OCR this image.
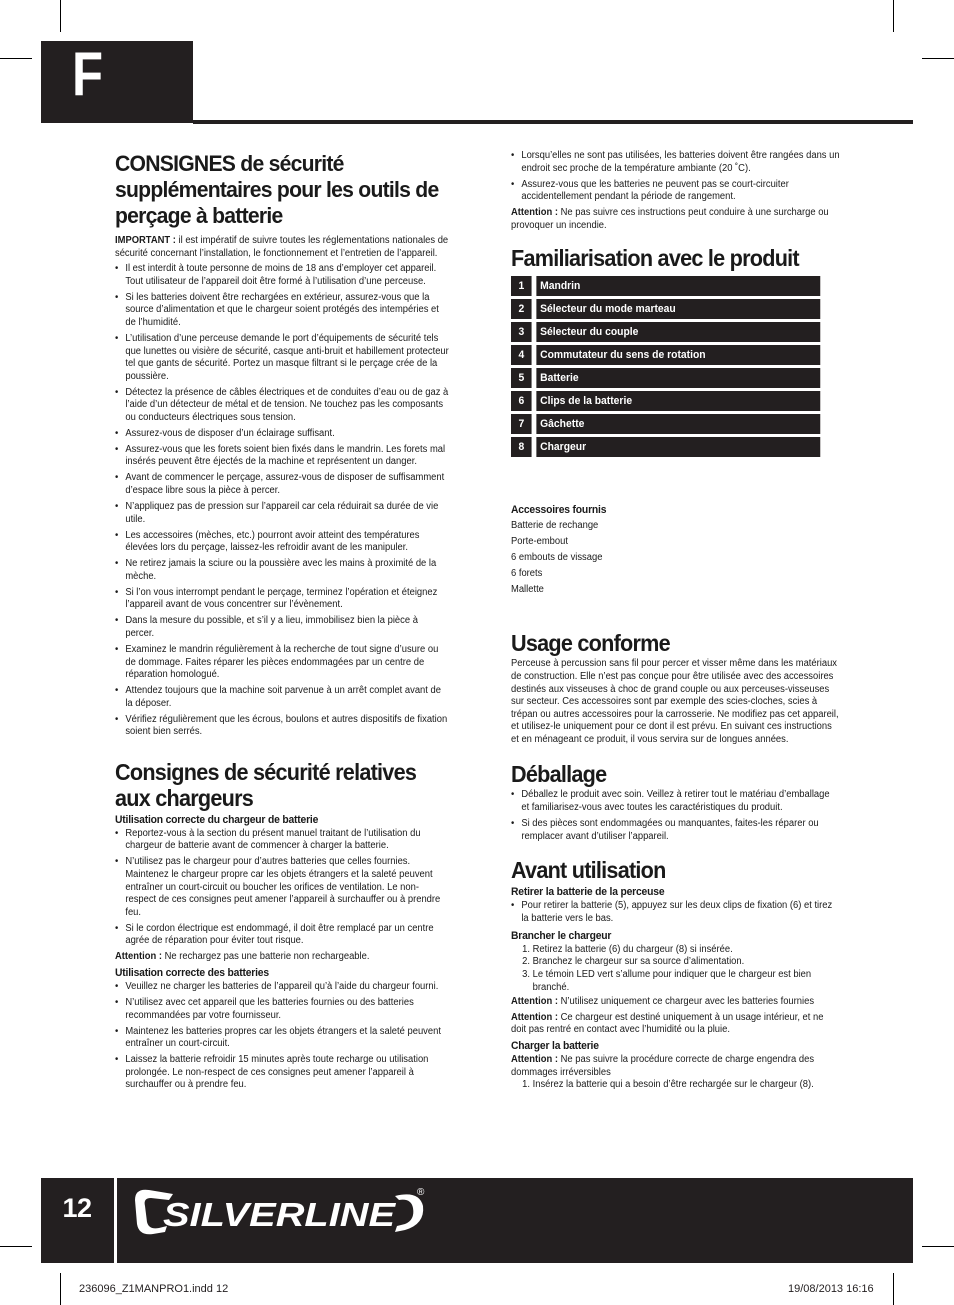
F
CONSIGNES de sécurité supplémentaires pour les outils de perçage à batterie

IMPORTANT : il est impératif de suivre toutes les réglementations nationales de sécurité concernant l’installation, le fonctionnement et l’entretien de l’appareil.

• Il est interdit à toute personne de moins de 18 ans d’employer cet appareil. Tout utilisateur de l’appareil doit être formé à l’utilisation d’une perceuse.
• Si les batteries doivent être rechargées en extérieur, assurez-vous que la source d’alimentation et que le chargeur soient protégés des intempéries et de l’humidité.
• L’utilisation d’une perceuse demande le port d’équipements de sécurité tels que lunettes ou visière de sécurité, casque anti-bruit et habillement protecteur tel que gants de sécurité. Portez un masque filtrant si le perçage crée de la poussière.
• Détectez la présence de câbles électriques et de conduites d’eau ou de gaz à l’aide d’un détecteur de métal et de tension. Ne touchez pas les composants ou conducteurs électriques sous tension.
• Assurez-vous de disposer d’un éclairage suffisant.
• Assurez-vous que les forets soient bien fixés dans le mandrin. Les forets mal insérés peuvent être éjectés de la machine et représentent un danger.
• Avant de commencer le perçage, assurez-vous de disposer de suffisamment d’espace libre sous la pièce à percer.
• N’appliquez pas de pression sur l’appareil car cela réduirait sa durée de vie utile.
• Les accessoires (mèches, etc.) pourront avoir atteint des températures élevées lors du perçage, laissez-les refroidir avant de les manipuler.
• Ne retirez jamais la sciure ou la poussière avec les mains à proximité de la mèche.
• Si l’on vous interrompt pendant le perçage, terminez l’opération et éteignez l’appareil avant de vous concentrer sur l’évènement.
• Dans la mesure du possible, et s’il y a lieu, immobilisez bien la pièce à percer.
• Examinez le mandrin régulièrement à la recherche de tout signe d’usure ou de dommage. Faites réparer les pièces endommagées par un centre de réparation homologué.
• Attendez toujours que la machine soit parvenue à un arrêt complet avant de la déposer.
• Vérifiez régulièrement que les écrous, boulons et autres dispositifs de fixation soient bien serrés.
Consignes de sécurité relatives aux chargeurs
Utilisation correcte du chargeur de batterie
• Reportez-vous à la section du présent manuel traitant de l’utilisation du chargeur de batterie avant de commencer à charger la batterie.
• N’utilisez pas le chargeur pour d’autres batteries que celles fournies. Maintenez le chargeur propre car les objets étrangers et la saleté peuvent entraîner un court-circuit ou boucher les orifices de ventilation. Le non-respect de ces consignes peut amener l’appareil à surchauffer ou à prendre feu.
• Si le cordon électrique est endommagé, il doit être remplacé par un centre agrée de réparation pour éviter tout risque.

Attention : Ne rechargez pas une batterie non rechargeable.

Utilisation correcte des batteries
• Veuillez ne charger les batteries de l’appareil qu’à l’aide du chargeur fourni.
• N’utilisez avec cet appareil que les batteries fournies ou des batteries recommandées par votre fournisseur.
• Maintenez les batteries propres car les objets étrangers et la saleté peuvent entraîner un court-circuit.
• Laissez la batterie refroidir 15 minutes après toute recharge ou utilisation prolongée. Le non-respect de ces consignes peut amener l’appareil à surchauffer ou à prendre feu.
• Lorsqu’elles ne sont pas utilisées, les batteries doivent être rangées dans un endroit sec proche de la température ambiante (20 ˚C).
• Assurez-vous que les batteries ne peuvent pas se court-circuiter accidentellement pendant la période de rangement.

Attention : Ne pas suivre ces instructions peut conduire à une surcharge ou provoquer un incendie.

Familiarisation avec le produit
1		Mandrin
2		Sélecteur du mode marteau
3		Sélecteur du couple
4		Commutateur du sens de rotation
5		Batterie
6		Clips de la batterie
7		Gâchette
8		Chargeur
Accessoires fournis
Batterie de rechange
Porte-embout
6 embouts de vissage
6 forets
Mallette
Usage conforme

Perceuse à percussion sans fil pour percer et visser même dans les matériaux de construction. Elle n’est pas conçue pour être utilisée avec des accessoires destinés aux visseuses à choc de grand couple ou aux perceuses-visseuses sur secteur. Ces accessoires sont par exemple des scies-cloches, scies à trépan ou autres accessoires pour la carrosserie. Ne modifiez pas cet appareil, et utilisez-le uniquement pour ce dont il est prévu. En suivant ces instructions et en ménageant ce produit, il vous servira sur de longues années.

Déballage
• Déballez le produit avec soin. Veillez à retirer tout le matériau d’emballage et familiarisez-vous avec toutes les caractéristiques du produit.
• Si des pièces sont endommagées ou manquantes, faites-les réparer ou remplacer avant d’utiliser l’appareil.
Avant utilisation
Retirer la batterie de la perceuse
• Pour retirer la batterie (5), appuyez sur les deux clips de fixation (6) et tirez la batterie vers le bas.
Brancher le chargeur
1. Retirez la batterie (6) du chargeur (8) si insérée.
2. Branchez le chargeur sur sa source d’alimentation.
3. Le témoin LED vert s’allume pour indiquer que le chargeur est bien branché.

Attention : N’utilisez uniquement ce chargeur avec les batteries fournies

Attention : Ce chargeur est destiné uniquement à un usage intérieur, et ne doit pas rentré en contact avec l’humidité ou la pluie.

Charger la batterie

Attention : Ne pas suivre la procédure correcte de charge engendra des dommages irréversibles

1. Insérez la batterie qui a besoin d’être rechargée sur le chargeur (8).
12	SILVERLINE
®
236096_Z1MANPRO1.indd 12	19/08/2013 16:16
